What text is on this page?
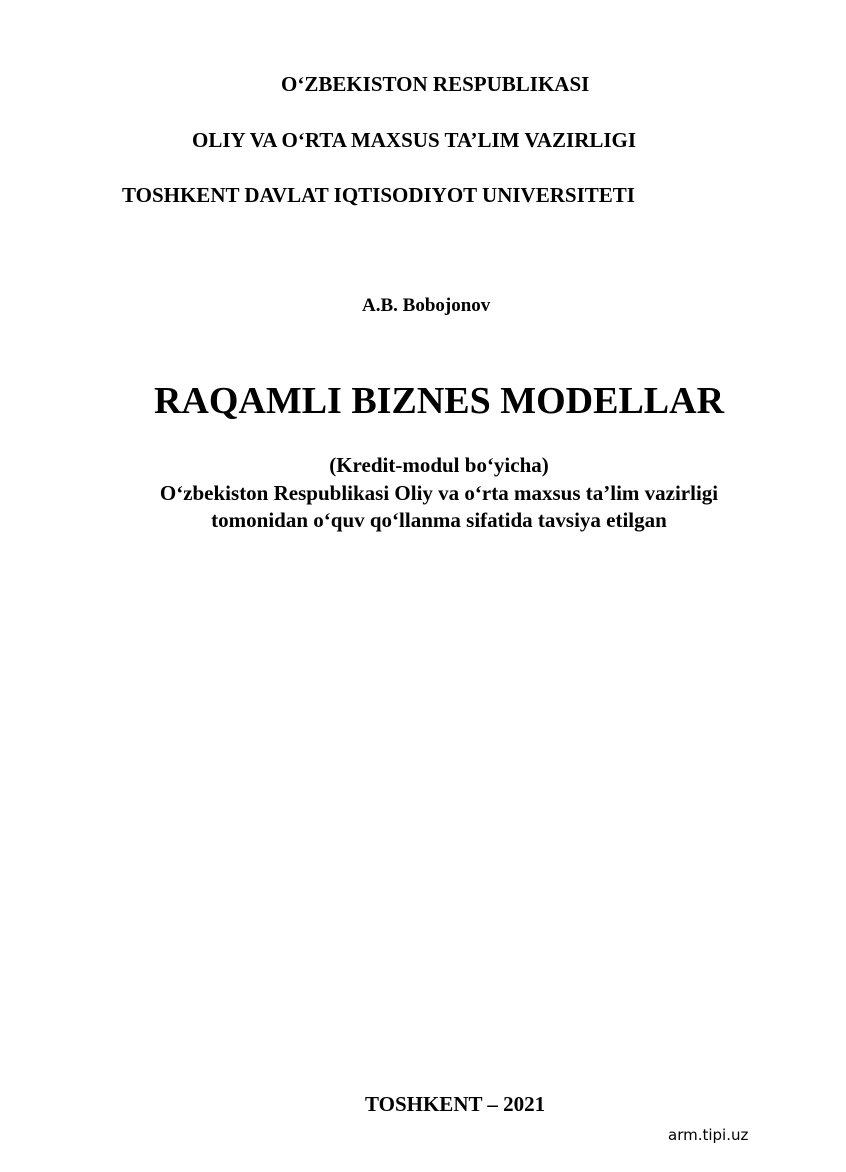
O‘ZBEKISTON RESPUBLIKASI
OLIY VA O‘RTA MAXSUS TA’LIM VAZIRLIGI
TOSHKENT DAVLAT IQTISODIYOT UNIVERSITETI
A.B. Bobojonov
RAQAMLI BIZNES MODELLAR
(Kredit-modul bo‘yicha)
O‘zbekiston Respublikasi Oliy va o‘rta maxsus ta’lim vazirligi
tomonidan o‘quv qo‘llanma sifatida tavsiya etilgan
TOSHKENT – 2021
arm.tipi.uz
